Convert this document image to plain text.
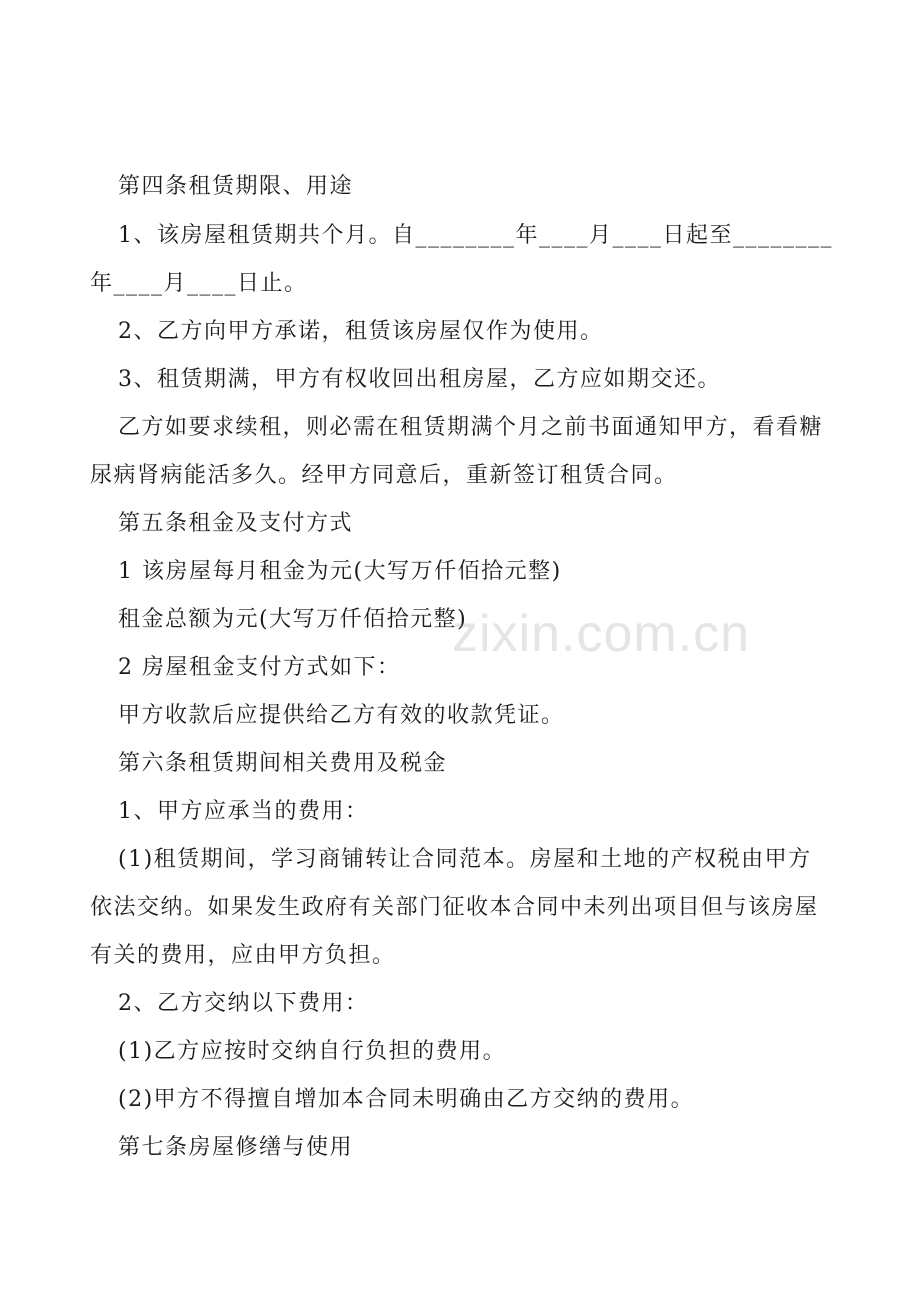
第四条租赁期限、用途

1、该房屋租赁期共个月。自________年____月____日起至________年____月____日止。

2、乙方向甲方承诺，租赁该房屋仅作为使用。

3、租赁期满，甲方有权收回出租房屋，乙方应如期交还。

乙方如要求续租，则必需在租赁期满个月之前书面通知甲方，看看糖尿病肾病能活多久。经甲方同意后，重新签订租赁合同。

第五条租金及支付方式

1 该房屋每月租金为元(大写万仟佰拾元整)

租金总额为元(大写万仟佰拾元整)

2 房屋租金支付方式如下：

甲方收款后应提供给乙方有效的收款凭证。

第六条租赁期间相关费用及税金

1、甲方应承当的费用：

(1)租赁期间，学习商铺转让合同范本。房屋和土地的产权税由甲方依法交纳。如果发生政府有关部门征收本合同中未列出项目但与该房屋有关的费用，应由甲方负担。

2、乙方交纳以下费用：

(1)乙方应按时交纳自行负担的费用。

(2)甲方不得擅自增加本合同未明确由乙方交纳的费用。

第七条房屋修缮与使用

zixin.com.cn
